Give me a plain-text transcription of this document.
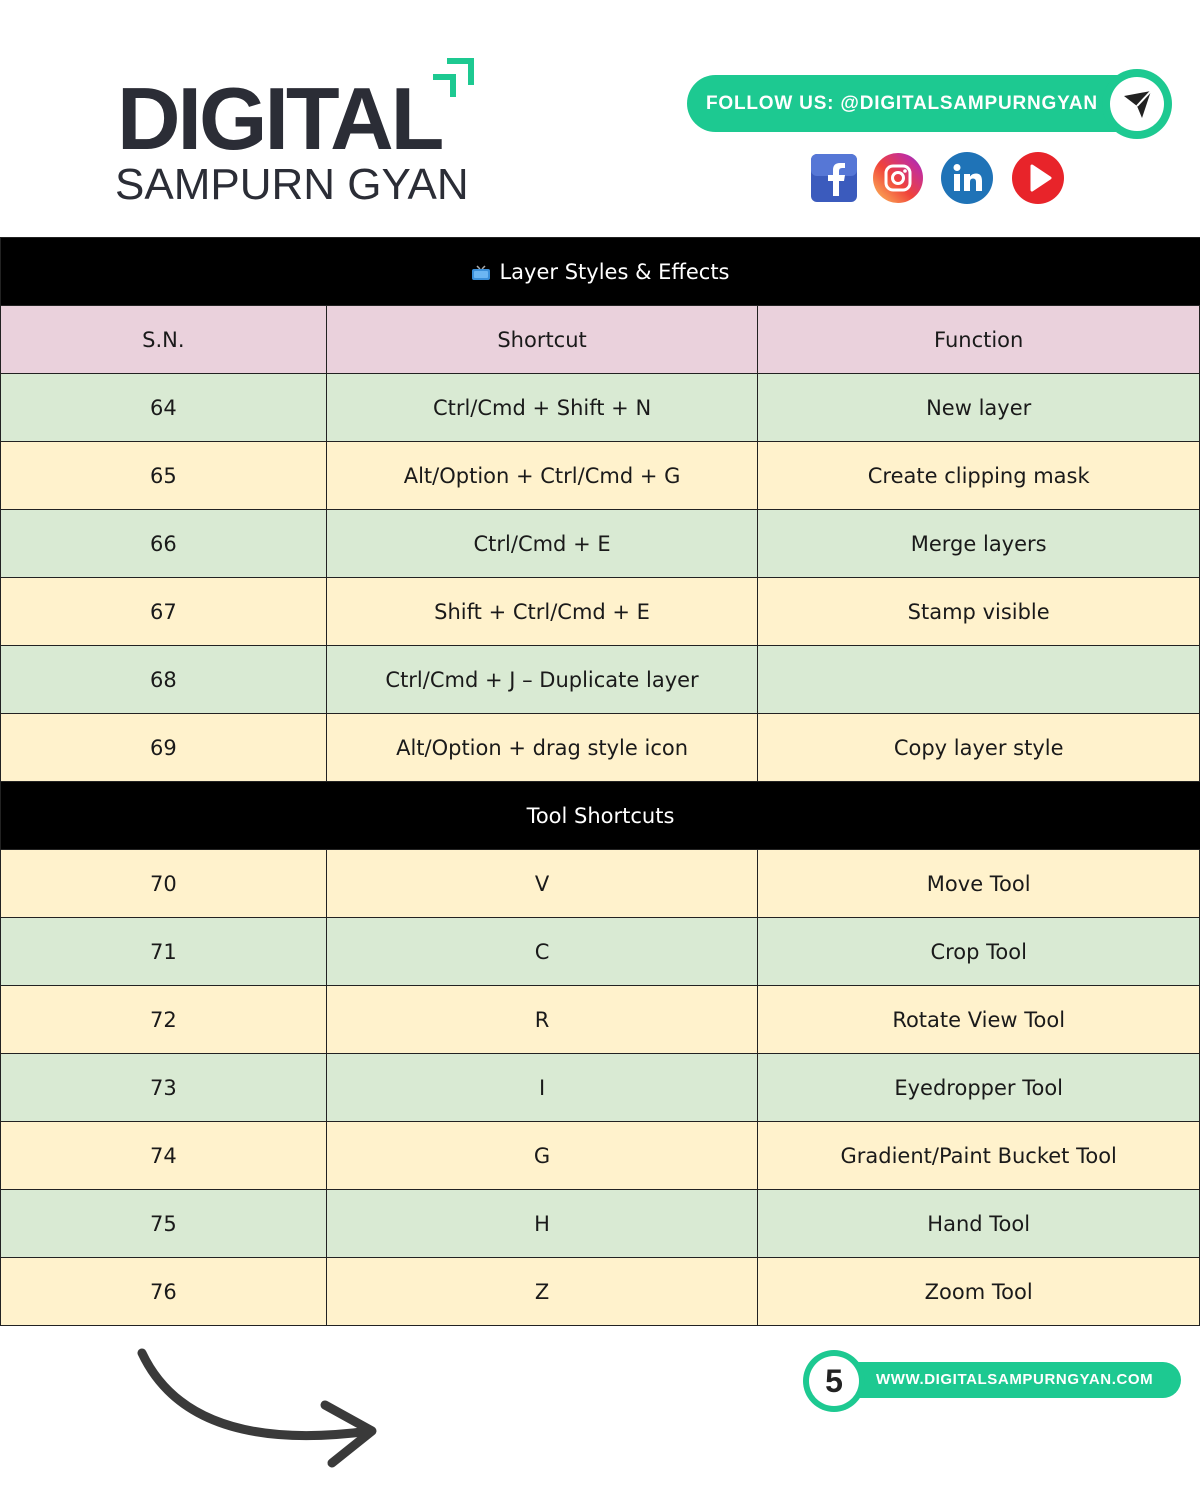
DIGITAL
SAMPURN GYAN
FOLLOW US: @DIGITALSAMPURNGYAN
Layer Styles & Effects
S.N.	Shortcut	Function
64	Ctrl/Cmd + Shift + N	New layer
65	Alt/Option + Ctrl/Cmd + G	Create clipping mask
66	Ctrl/Cmd + E	Merge layers
67	Shift + Ctrl/Cmd + E	Stamp visible
68	Ctrl/Cmd + J – Duplicate layer
69	Alt/Option + drag style icon	Copy layer style
Tool Shortcuts
70	V	Move Tool
71	C	Crop Tool
72	R	Rotate View Tool
73	I	Eyedropper Tool
74	G	Gradient/Paint Bucket Tool
75	H	Hand Tool
76	Z	Zoom Tool
WWW.DIGITALSAMPURNGYAN.COM
5
